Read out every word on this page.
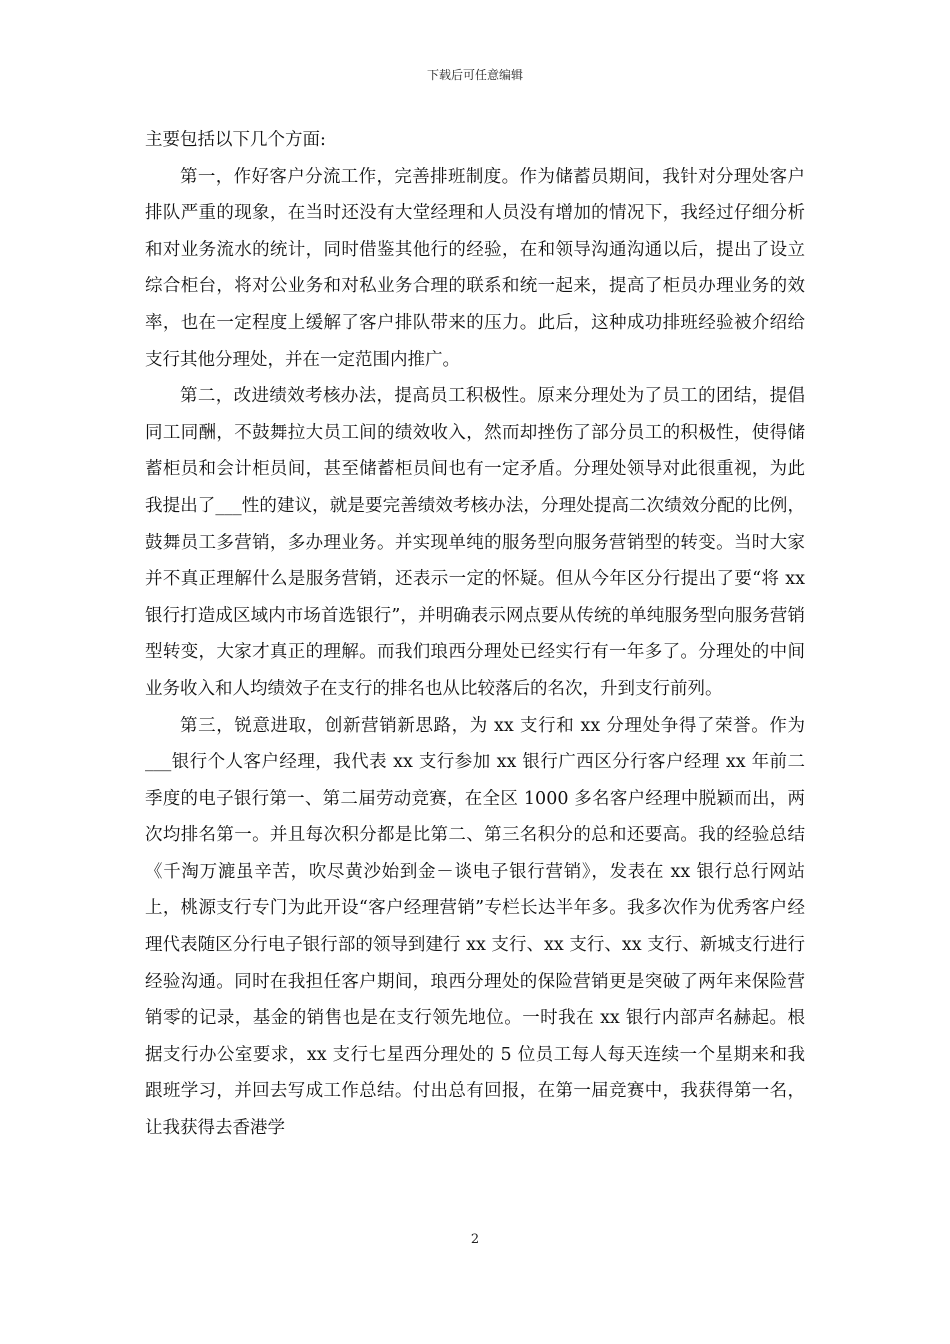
下载后可任意编辑

主要包括以下几个方面:

第一，作好客户分流工作，完善排班制度。作为储蓄员期间，我针对分理处客户排队严重的现象，在当时还没有大堂经理和人员没有增加的情况下，我经过仔细分析和对业务流水的统计，同时借鉴其他行的经验，在和领导沟通沟通以后，提出了设立综合柜台，将对公业务和对私业务合理的联系和统一起来，提高了柜员办理业务的效率，也在一定程度上缓解了客户排队带来的压力。此后，这种成功排班经验被介绍给支行其他分理处，并在一定范围内推广。

第二，改进绩效考核办法，提高员工积极性。原来分理处为了员工的团结，提倡同工同酬，不鼓舞拉大员工间的绩效收入，然而却挫伤了部分员工的积极性，使得储蓄柜员和会计柜员间，甚至储蓄柜员间也有一定矛盾。分理处领导对此很重视，为此我提出了___性的建议，就是要完善绩效考核办法，分理处提高二次绩效分配的比例，鼓舞员工多营销，多办理业务。并实现单纯的服务型向服务营销型的转变。当时大家并不真正理解什么是服务营销，还表示一定的怀疑。但从今年区分行提出了要“将 xx 银行打造成区域内市场首选银行”，并明确表示网点要从传统的单纯服务型向服务营销型转变，大家才真正的理解。而我们琅西分理处已经实行有一年多了。分理处的中间业务收入和人均绩效子在支行的排名也从比较落后的名次，升到支行前列。

第三，锐意进取，创新营销新思路，为 xx 支行和 xx 分理处争得了荣誉。作为___银行个人客户经理，我代表 xx 支行参加 xx 银行广西区分行客户经理 xx 年前二季度的电子银行第一、第二届劳动竞赛，在全区 1000 多名客户经理中脱颖而出，两次均排名第一。并且每次积分都是比第二、第三名积分的总和还要高。我的经验总结《千淘万漉虽辛苦，吹尽黄沙始到金－谈电子银行营销》，发表在 xx 银行总行网站上，桃源支行专门为此开设“客户经理营销”专栏长达半年多。我多次作为优秀客户经理代表随区分行电子银行部的领导到建行 xx 支行、xx 支行、xx 支行、新城支行进行经验沟通。同时在我担任客户期间，琅西分理处的保险营销更是突破了两年来保险营销零的记录，基金的销售也是在支行领先地位。一时我在 xx 银行内部声名赫起。根据支行办公室要求，xx 支行七星西分理处的 5 位员工每人每天连续一个星期来和我跟班学习，并回去写成工作总结。付出总有回报，在第一届竞赛中，我获得第一名，让我获得去香港学

2
